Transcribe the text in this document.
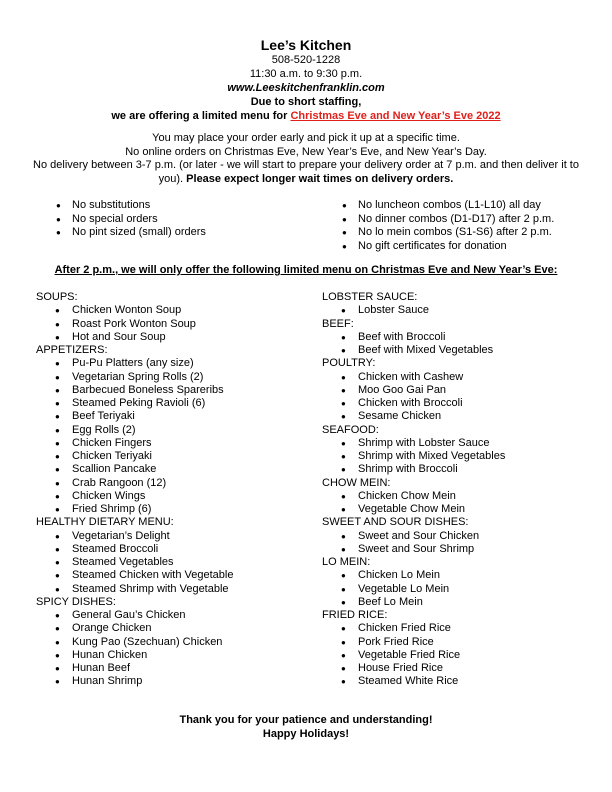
Lee’s Kitchen
508-520-1228
11:30 a.m. to 9:30 p.m.
www.Leeskitchenfranklin.com
Due to short staffing,
we are offering a limited menu for Christmas Eve and New Year’s Eve 2022
You may place your order early and pick it up at a specific time.
No online orders on Christmas Eve, New Year’s Eve, and New Year’s Day.
No delivery between 3-7 p.m. (or later - we will start to prepare your delivery order at 7 p.m. and then deliver it to you). Please expect longer wait times on delivery orders.
● No substitutions
● No special orders
● No pint sized (small) orders
● No luncheon combos (L1-L10) all day
● No dinner combos (D1-D17) after 2 p.m.
● No lo mein combos (S1-S6) after 2 p.m.
● No gift certificates for donation
After 2 p.m., we will only offer the following limited menu on Christmas Eve and New Year’s Eve:
SOUPS:
● Chicken Wonton Soup
● Roast Pork Wonton Soup
● Hot and Sour Soup
APPETIZERS:
● Pu-Pu Platters (any size)
● Vegetarian Spring Rolls (2)
● Barbecued Boneless Spareribs
● Steamed Peking Ravioli (6)
● Beef Teriyaki
● Egg Rolls (2)
● Chicken Fingers
● Chicken Teriyaki
● Scallion Pancake
● Crab Rangoon (12)
● Chicken Wings
● Fried Shrimp (6)
HEALTHY DIETARY MENU:
● Vegetarian’s Delight
● Steamed Broccoli
● Steamed Vegetables
● Steamed Chicken with Vegetable
● Steamed Shrimp with Vegetable
SPICY DISHES:
● General Gau’s Chicken
● Orange Chicken
● Kung Pao (Szechuan) Chicken
● Hunan Chicken
● Hunan Beef
● Hunan Shrimp
LOBSTER SAUCE:
● Lobster Sauce
BEEF:
● Beef with Broccoli
● Beef with Mixed Vegetables
POULTRY:
● Chicken with Cashew
● Moo Goo Gai Pan
● Chicken with Broccoli
● Sesame Chicken
SEAFOOD:
● Shrimp with Lobster Sauce
● Shrimp with Mixed Vegetables
● Shrimp with Broccoli
CHOW MEIN:
● Chicken Chow Mein
● Vegetable Chow Mein
SWEET AND SOUR DISHES:
● Sweet and Sour Chicken
● Sweet and Sour Shrimp
LO MEIN:
● Chicken Lo Mein
● Vegetable Lo Mein
● Beef Lo Mein
FRIED RICE:
● Chicken Fried Rice
● Pork Fried Rice
● Vegetable Fried Rice
● House Fried Rice
● Steamed White Rice
Thank you for your patience and understanding!
Happy Holidays!
